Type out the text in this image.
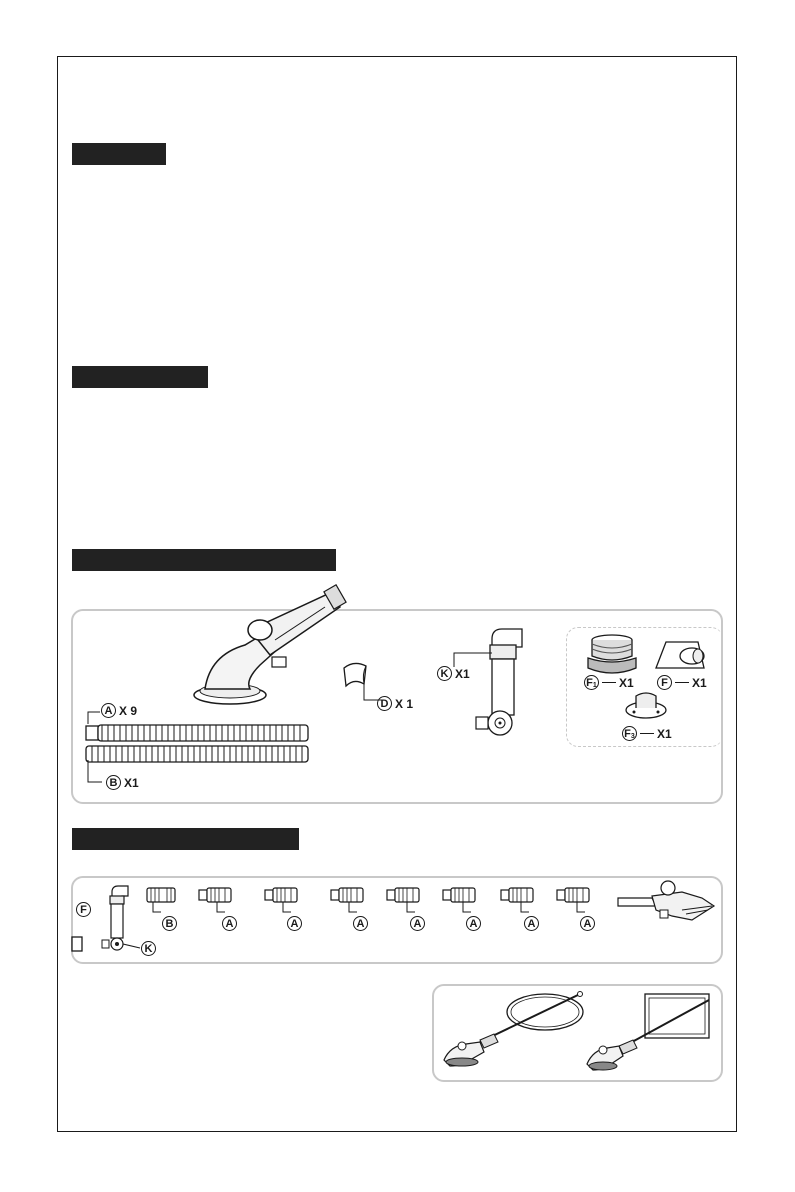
A X 9
B X1
D X 1
K X1
$F_1$ X1	F	X1
$F_3$ X1
F
K
B	A	A	A	A	A	A	A
